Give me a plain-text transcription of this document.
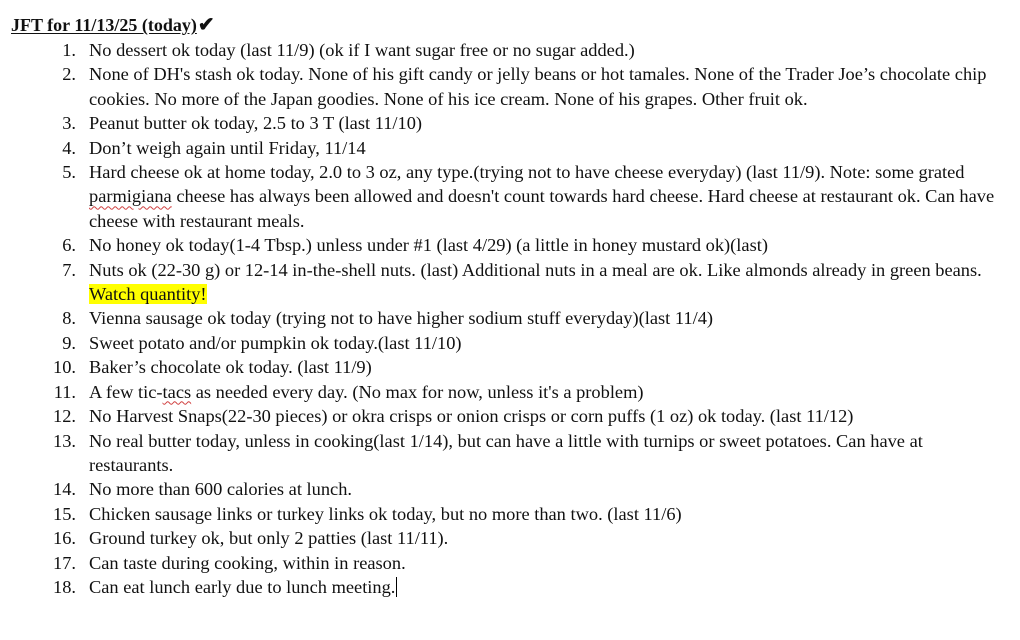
JFT for 11/13/25 (today)✔
1. No dessert ok today (last 11/9) (ok if I want sugar free or no sugar added.)
2. None of DH's stash ok today. None of his gift candy or jelly beans or hot tamales. None of the Trader Joe’s chocolate chip cookies. No more of the Japan goodies. None of his ice cream. None of his grapes. Other fruit ok.
3. Peanut butter ok today, 2.5 to 3 T (last 11/10)
4. Don’t weigh again until Friday, 11/14
5. Hard cheese ok at home today, 2.0 to 3 oz, any type.(trying not to have cheese everyday) (last 11/9). Note: some grated parmigiana cheese has always been allowed and doesn't count towards hard cheese. Hard cheese at restaurant ok. Can have cheese with restaurant meals.
6. No honey ok today(1-4 Tbsp.) unless under #1 (last 4/29) (a little in honey mustard ok)(last)
7. Nuts ok (22-30 g) or 12-14 in-the-shell nuts. (last) Additional nuts in a meal are ok. Like almonds already in green beans. Watch quantity!
8. Vienna sausage ok today (trying not to have higher sodium stuff everyday)(last 11/4)
9. Sweet potato and/or pumpkin ok today.(last 11/10)
10. Baker’s chocolate ok today. (last 11/9)
11. A few tic-tacs as needed every day. (No max for now, unless it's a problem)
12. No Harvest Snaps(22-30 pieces) or okra crisps or onion crisps or corn puffs (1 oz) ok today. (last 11/12)
13. No real butter today, unless in cooking(last 1/14), but can have a little with turnips or sweet potatoes. Can have at restaurants.
14. No more than 600 calories at lunch.
15. Chicken sausage links or turkey links ok today, but no more than two. (last 11/6)
16. Ground turkey ok, but only 2 patties (last 11/11).
17. Can taste during cooking, within in reason.
18. Can eat lunch early due to lunch meeting.
